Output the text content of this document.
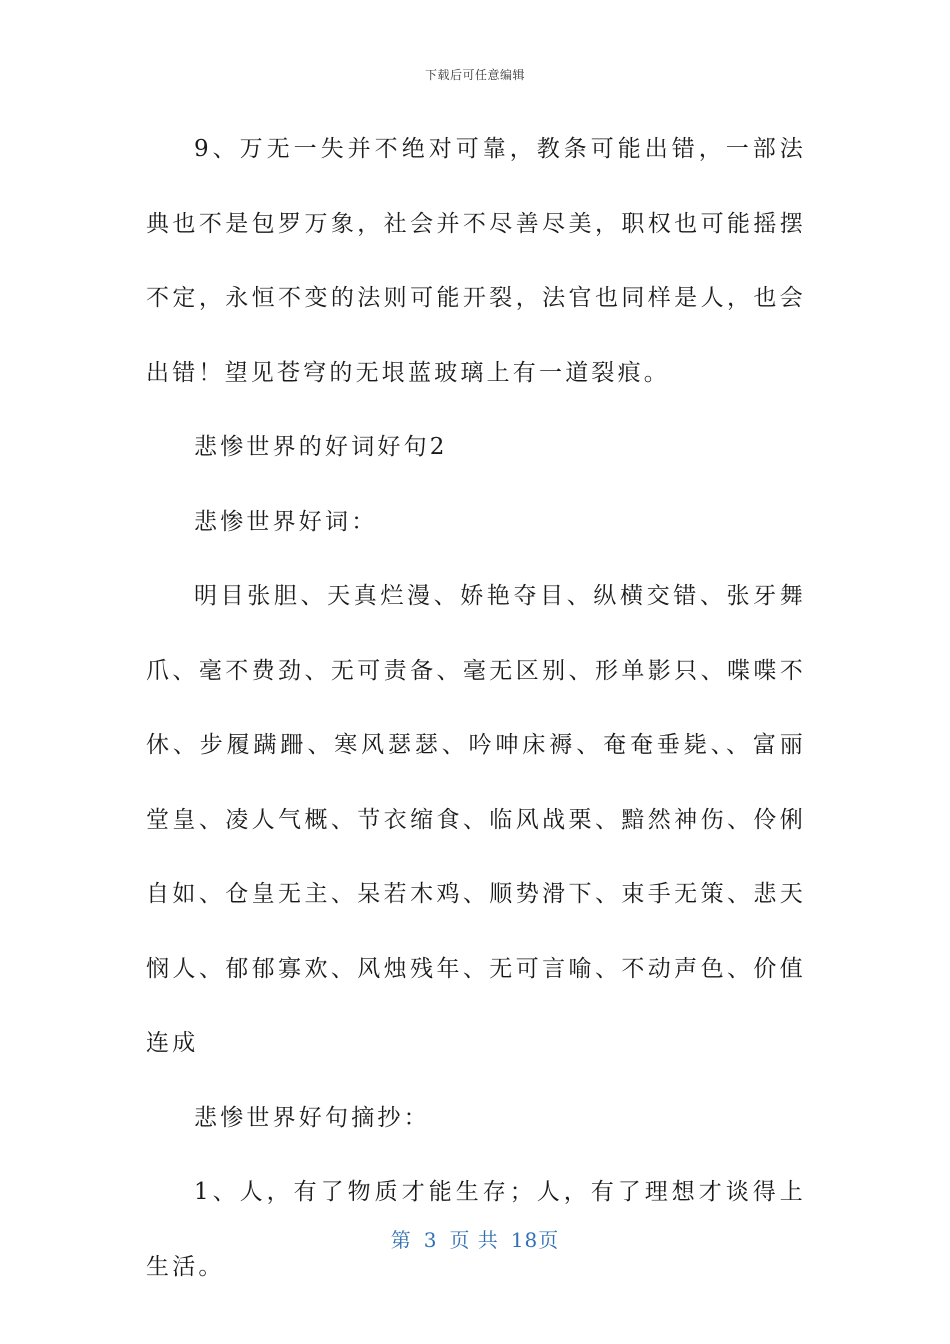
下载后可任意编辑

9、万无一失并不绝对可靠，教条可能出错，一部法典也不是包罗万象，社会并不尽善尽美，职权也可能摇摆不定，永恒不变的法则可能开裂，法官也同样是人，也会出错！望见苍穹的无垠蓝玻璃上有一道裂痕。

悲惨世界的好词好句2

悲惨世界好词：

明目张胆、天真烂漫、娇艳夺目、纵横交错、张牙舞爪、毫不费劲、无可责备、毫无区别、形单影只、喋喋不休、步履蹒跚、寒风瑟瑟、吟呻床褥、奄奄垂毙、、富丽堂皇、凌人气概、节衣缩食、临风战栗、黯然神伤、伶俐自如、仓皇无主、呆若木鸡、顺势滑下、束手无策、悲天悯人、郁郁寡欢、风烛残年、无可言喻、不动声色、价值连成

悲惨世界好句摘抄：

1、人，有了物质才能生存；人，有了理想才谈得上生活。

第 3 页 共 18页
